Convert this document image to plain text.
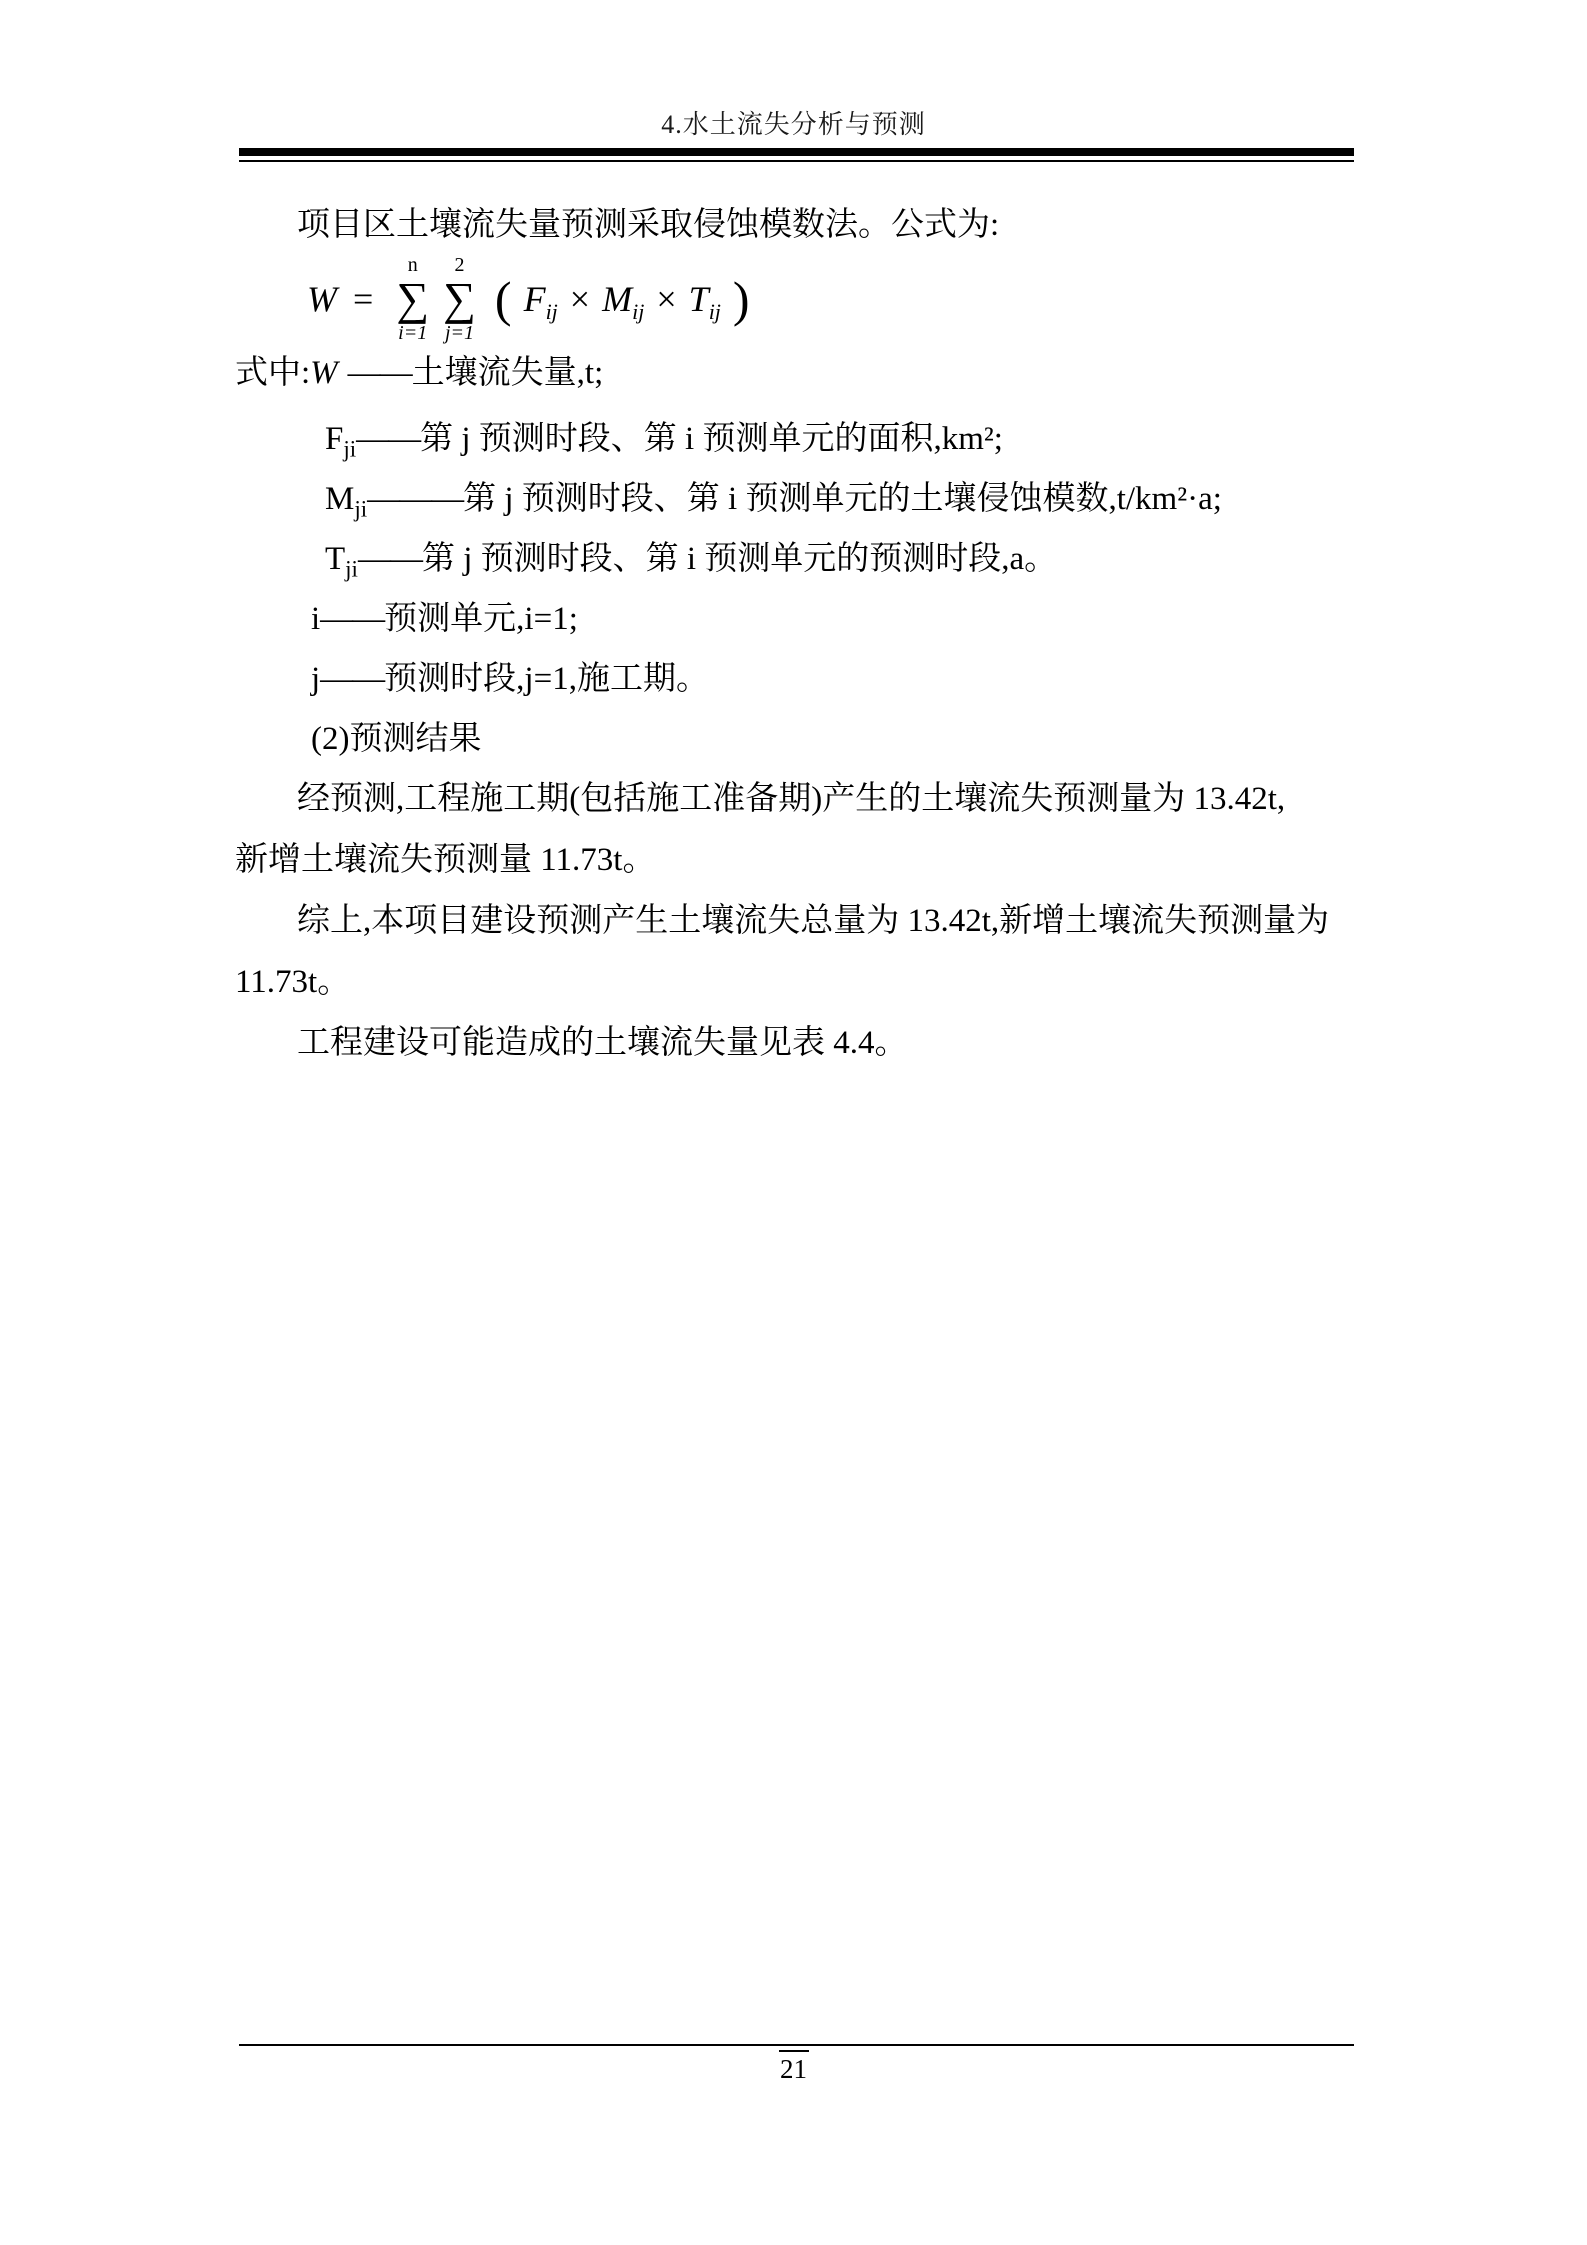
4.水土流失分析与预测
项目区土壤流失量预测采取侵蚀模数法。公式为:
W =
n
∑
i=1
2
∑
j=1
( $F_{ij} \times M_{ij} \times T_{ij}$ )
式中:W ——土壤流失量,t;
$F_{ji}——$第 j 预测时段、第 i 预测单元的面积,km²;
$M_{ji}———$第 j 预测时段、第 i 预测单元的土壤侵蚀模数,t/km²·a;
$T_{ji}——$第 j 预测时段、第 i 预测单元的预测时段,a。
i——预测单元,i=1;
j——预测时段,j=1,施工期。
(2)预测结果
经预测,工程施工期(包括施工准备期)产生的土壤流失预测量为 13.42t,
新增土壤流失预测量 11.73t。
综上,本项目建设预测产生土壤流失总量为 13.42t,新增土壤流失预测量为
11.73t。
工程建设可能造成的土壤流失量见表 4.4。
21
